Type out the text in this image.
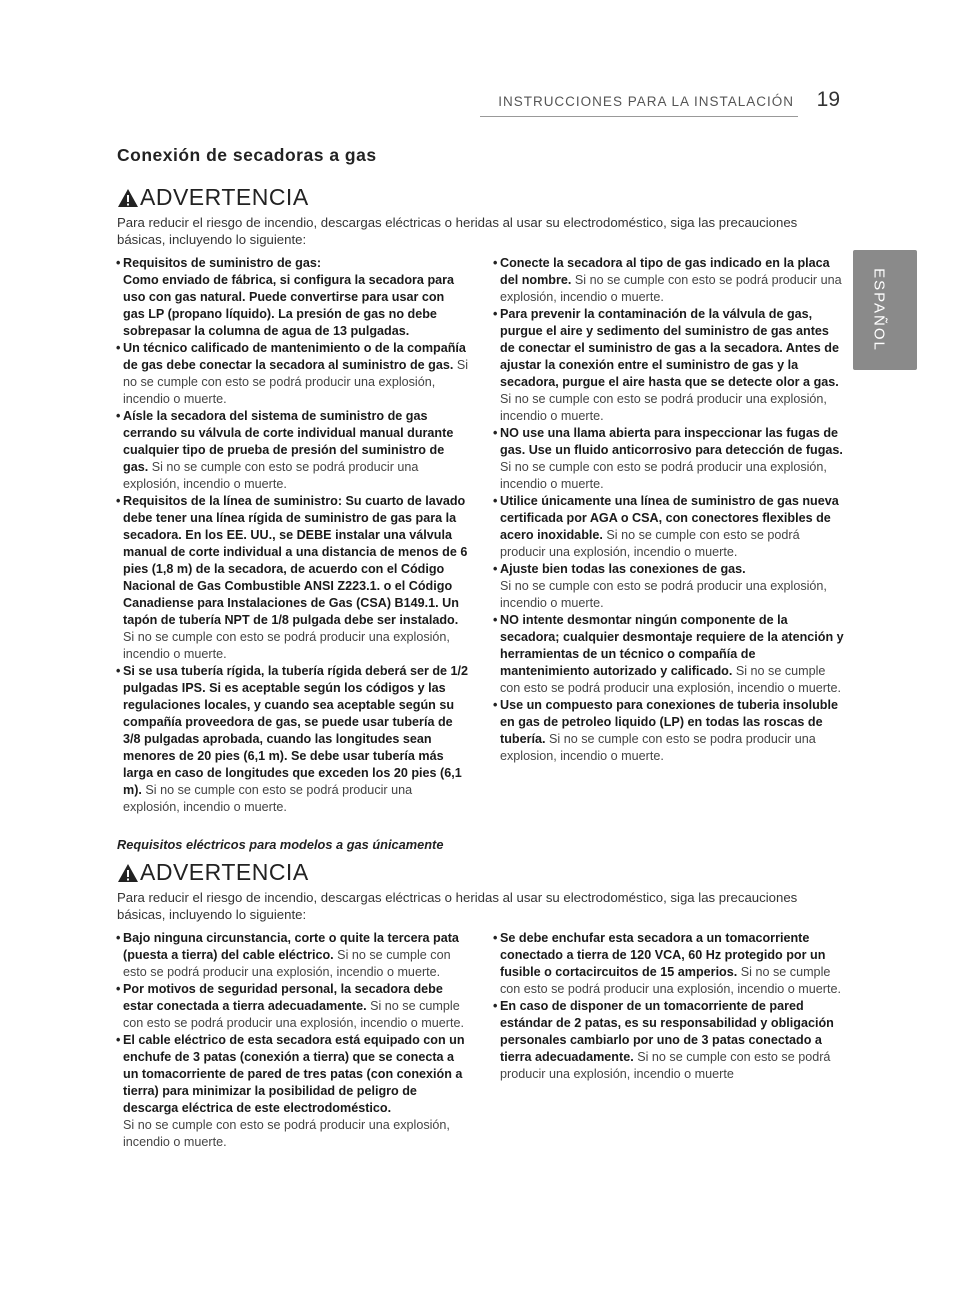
INSTRUCCIONES PARA LA INSTALACIÓN 19
ESPAÑOL
Conexión de secadoras a gas
ADVERTENCIA
Para reducir el riesgo de incendio, descargas eléctricas o heridas al usar su electrodoméstico, siga las precauciones básicas, incluyendo lo siguiente:

• Requisitos de suministro de gas:
Como enviado de fábrica, si configura la secadora para uso con gas natural. Puede convertirse para usar con gas LP (propano líquido). La presión de gas no debe sobrepasar la columna de agua de 13 pulgadas.

• Un técnico calificado de mantenimiento o de la compañía de gas debe conectar la secadora al suministro de gas. Si no se cumple con esto se podrá producir una explosión, incendio o muerte.

• Aísle la secadora del sistema de suministro de gas cerrando su válvula de corte individual manual durante cualquier tipo de prueba de presión del suministro de gas. Si no se cumple con esto se podrá producir una explosión, incendio o muerte.

• Requisitos de la línea de suministro: Su cuarto de lavado debe tener una línea rígida de suministro de gas para la secadora. En los EE. UU., se DEBE instalar una válvula manual de corte individual a una distancia de menos de 6 pies (1,8 m) de la secadora, de acuerdo con el Código Nacional de Gas Combustible ANSI Z223.1. o el Código Canadiense para Instalaciones de Gas (CSA) B149.1. Un tapón de tubería NPT de 1/8 pulgada debe ser instalado. Si no se cumple con esto se podrá producir una explosión, incendio o muerte.

• Si se usa tubería rígida, la tubería rígida deberá ser de 1/2 pulgadas IPS. Si es aceptable según los códigos y las regulaciones locales, y cuando sea aceptable según su compañía proveedora de gas, se puede usar tubería de 3/8 pulgadas aprobada, cuando las longitudes sean menores de 20 pies (6,1 m). Se debe usar tubería más larga en caso de longitudes que exceden los 20 pies (6,1 m). Si no se cumple con esto se podrá producir una explosión, incendio o muerte.

• Conecte la secadora al tipo de gas indicado en la placa del nombre. Si no se cumple con esto se podrá producir una explosión, incendio o muerte.

• Para prevenir la contaminación de la válvula de gas, purgue el aire y sedimento del suministro de gas antes de conectar el suministro de gas a la secadora. Antes de ajustar la conexión entre el suministro de gas y la secadora, purgue el aire hasta que se detecte olor a gas. Si no se cumple con esto se podrá producir una explosión, incendio o muerte.

• NO use una llama abierta para inspeccionar las fugas de gas. Use un fluido anticorrosivo para detección de fugas. Si no se cumple con esto se podrá producir una explosión, incendio o muerte.

• Utilice únicamente una línea de suministro de gas nueva certificada por AGA o CSA, con conectores flexibles de acero inoxidable. Si no se cumple con esto se podrá producir una explosión, incendio o muerte.

• Ajuste bien todas las conexiones de gas.
Si no se cumple con esto se podrá producir una explosión, incendio o muerte.

• NO intente desmontar ningún componente de la secadora; cualquier desmontaje requiere de la atención y herramientas de un técnico o compañía de mantenimiento autorizado y calificado. Si no se cumple con esto se podrá producir una explosión, incendio o muerte.

• Use un compuesto para conexiones de tuberia insoluble en gas de petroleo liquido (LP) en todas las roscas de tubería. Si no se cumple con esto se podra producir una explosion, incendio o muerte.

Requisitos eléctricos para modelos a gas únicamente
ADVERTENCIA
Para reducir el riesgo de incendio, descargas eléctricas o heridas al usar su electrodoméstico, siga las precauciones básicas, incluyendo lo siguiente:

• Bajo ninguna circunstancia, corte o quite la tercera pata (puesta a tierra) del cable eléctrico. Si no se cumple con esto se podrá producir una explosión, incendio o muerte.

• Por motivos de seguridad personal, la secadora debe estar conectada a tierra adecuadamente. Si no se cumple con esto se podrá producir una explosión, incendio o muerte.

• El cable eléctrico de esta secadora está equipado con un enchufe de 3 patas (conexión a tierra) que se conecta a un tomacorriente de pared de tres patas (con conexión a tierra) para minimizar la posibilidad de peligro de descarga eléctrica de este electrodoméstico.
Si no se cumple con esto se podrá producir una explosión, incendio o muerte.

• Se debe enchufar esta secadora a un tomacorriente conectado a tierra de 120 VCA, 60 Hz protegido por un fusible o cortacircuitos de 15 amperios. Si no se cumple con esto se podrá producir una explosión, incendio o muerte.

• En caso de disponer de un tomacorriente de pared estándar de 2 patas, es su responsabilidad y obligación personales cambiarlo por uno de 3 patas conectado a tierra adecuadamente. Si no se cumple con esto se podrá producir una explosión, incendio o muerte
